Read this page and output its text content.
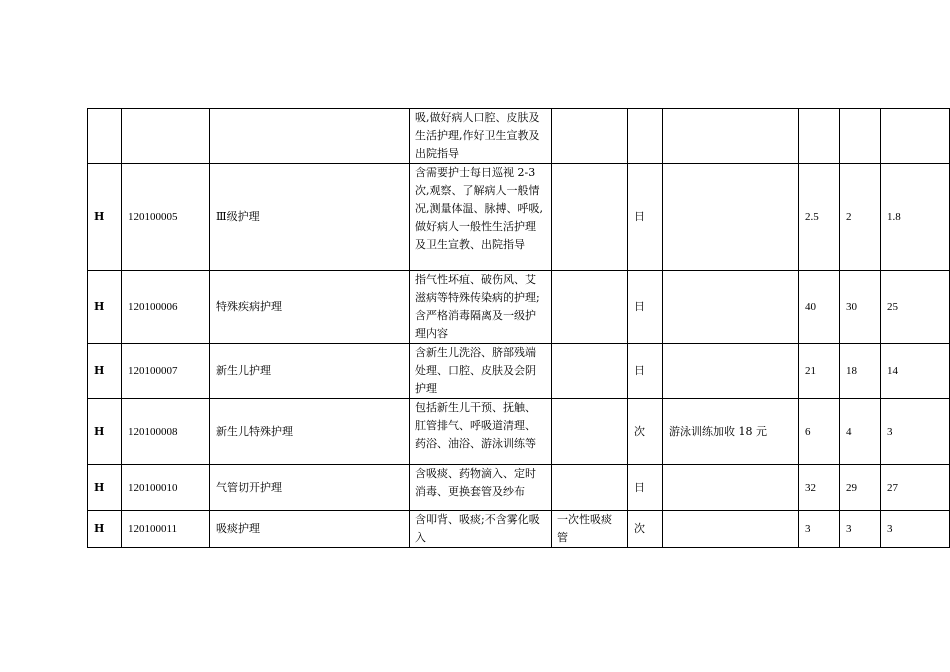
			吸,做好病人口腔、皮肤及生活护理,作好卫生宣教及出院指导						
H	120100005	Ⅲ级护理	含需要护士每日巡视 2-3 次,观察、了解病人一般情况,测量体温、脉搏、呼吸,做好病人一般性生活护理及卫生宣教、出院指导		日		2.5	2	1.8
H	120100006	特殊疾病护理	指气性坏疽、破伤风、艾滋病等特殊传染病的护理;含严格消毒隔离及一级护理内容		日		40	30	25
H	120100007	新生儿护理	含新生儿洗浴、脐部残端处理、口腔、皮肤及会阴护理		日		21	18	14
H	120100008	新生儿特殊护理	包括新生儿干预、抚触、肛管排气、呼吸道清理、药浴、油浴、游泳训练等		次	游泳训练加收 18 元	6	4	3
H	120100010	气管切开护理	含吸痰、药物滴入、定时消毒、更换套管及纱布		日		32	29	27
H	120100011	吸痰护理	含叩背、吸痰;不含雾化吸入	一次性吸痰管	次		3	3	3
